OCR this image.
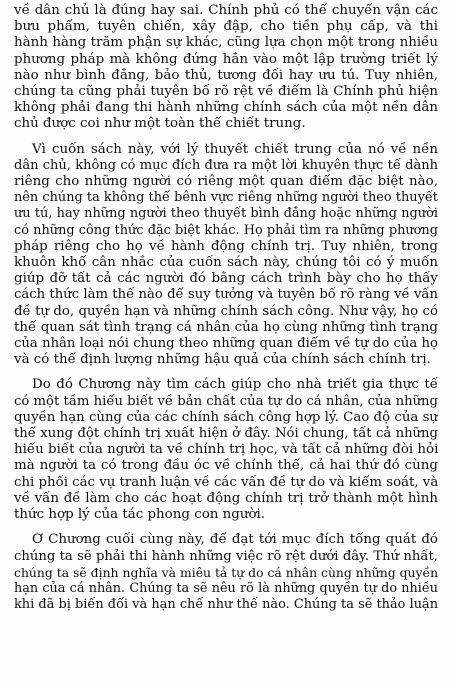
về dân chủ là đúng hay sai. Chính phủ có thể chuyển vận các
bưu phẩm, tuyên chiến, xây đập, cho tiền phụ cấp, và thi
hành hàng trăm phận sự khác, cũng lựa chọn một trong nhiều
phương pháp mà không đứng hẳn vào một lập trường triết lý
nào như bình đẳng, bảo thủ, tương đối hay ưu tú. Tuy nhiên,
chúng ta cũng phải tuyên bố rõ rệt về điểm là Chính phủ hiện
không phải đang thi hành những chính sách của một nền dân
chủ được coi như một toàn thể chiết trung.

Vì cuốn sách này, với lý thuyết chiết trung của nó về nền
dân chủ, không có mục đích đưa ra một lời khuyên thực tế dành
riêng cho những người có riêng một quan điểm đặc biệt nào,
nên chúng ta không thể bênh vực riêng những người theo thuyết
ưu tú, hay những người theo thuyết bình đẳng hoặc những người
có những công thức đặc biệt khác. Họ phải tìm ra những phương
pháp riêng cho họ về hành động chính trị. Tuy nhiên, trong
khuôn khổ cân nhắc của cuốn sách này, chúng tôi có ý muốn
giúp đỡ tất cả các người đó bằng cách trình bày cho họ thấy
cách thức làm thế nào để suy tưởng và tuyên bố rõ ràng về vấn
đề tự do, quyền hạn và những chính sách công. Như vậy, họ có
thể quan sát tình trạng cá nhân của họ cùng những tình trạng
của nhân loại nói chung theo những quan điểm về tự do của họ
và có thể định lượng những hậu quả của chính sách chính trị.

Do đó Chương này tìm cách giúp cho nhà triết gia thực tế
có một tầm hiểu biết về bản chất của tự do cá nhân, của những
quyền hạn cùng của các chính sách công hợp lý. Cao độ của sự
thể xung đột chính trị xuất hiện ở đây. Nói chung, tất cả những
hiểu biết của người ta về chính trị học, và tất cả những đòi hỏi
mà người ta có trong đầu óc về chính thể, cả hai thứ đó cùng
chi phối các vụ tranh luận về các vấn đề tự do và kiểm soát, và
về vấn đề làm cho các hoạt động chính trị trở thành một hình
thức hợp lý của tác phong con người.

Ở Chương cuối cùng này, để đạt tới mục đích tổng quát đó
chúng ta sẽ phải thi hành những việc rõ rệt dưới đây. Thứ nhất,
chúng ta sẽ định nghĩa và miêu tả tự do cá nhân cùng những quyền
hạn của cá nhân. Chúng ta sẽ nêu rõ là những quyền tự do nhiều
khi đã bị biến đổi và hạn chế như thế nào. Chúng ta sẽ thảo luận
